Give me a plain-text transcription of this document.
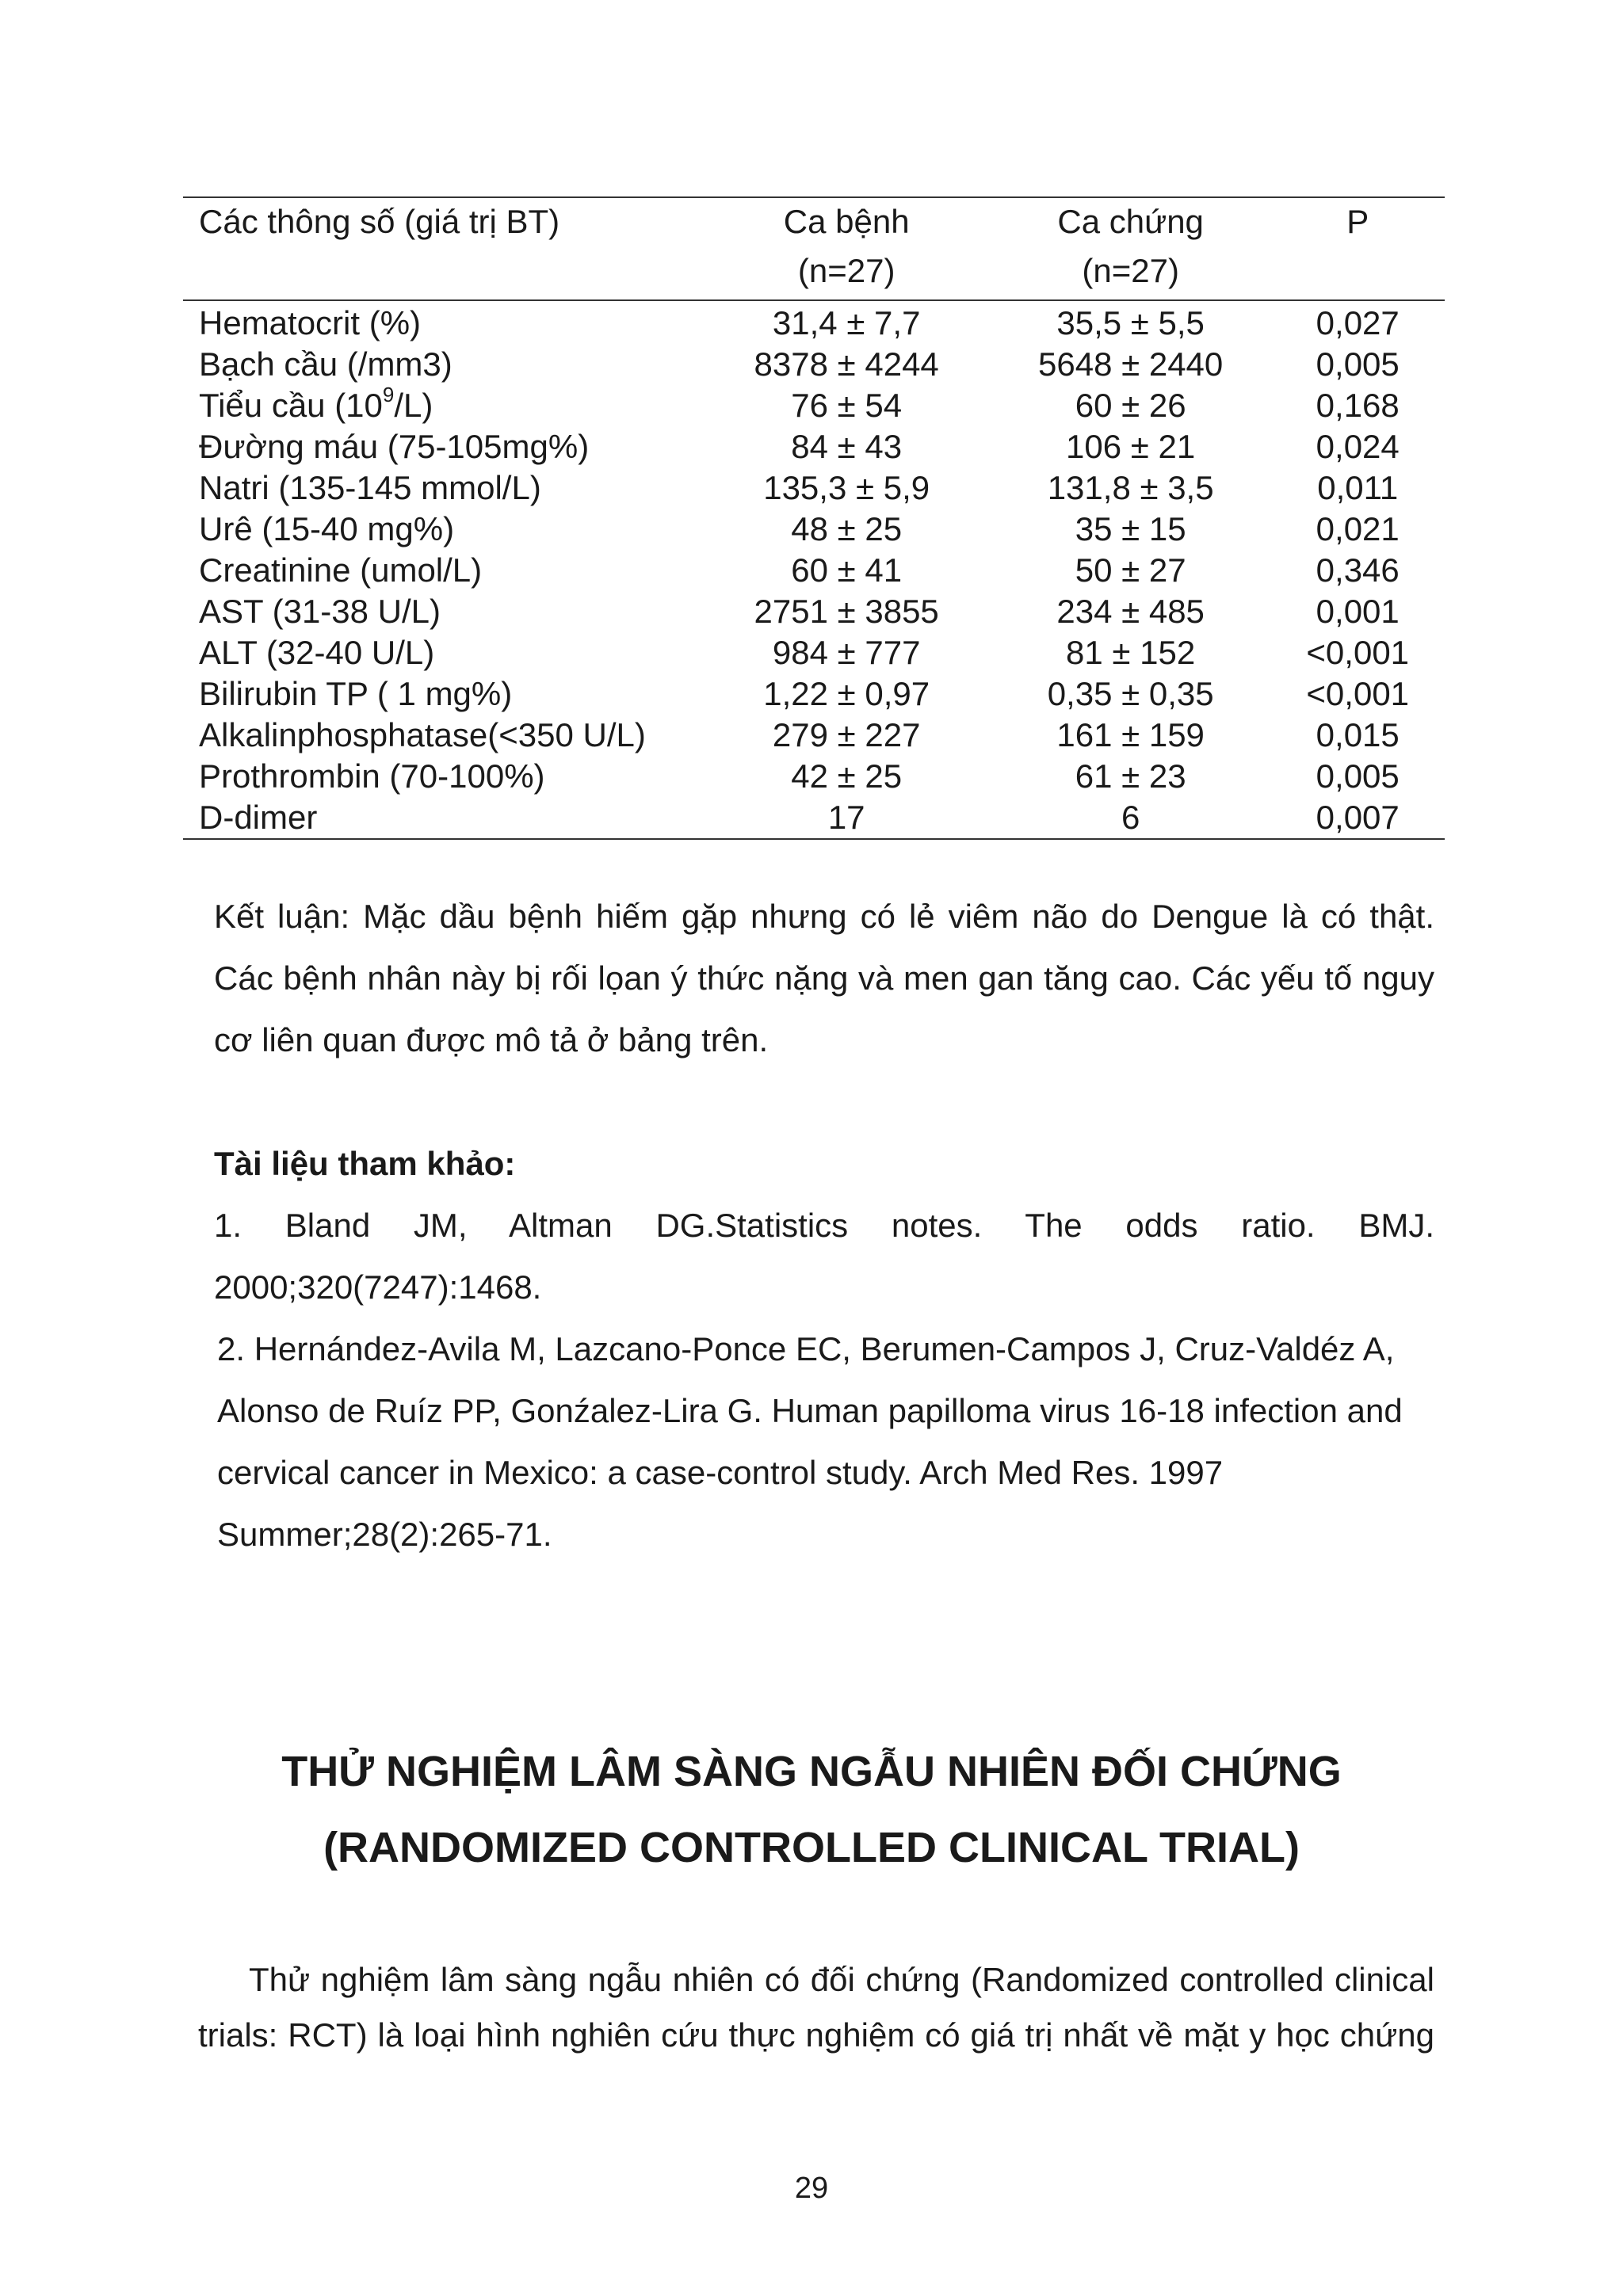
Các thông số (giá trị BT)	Ca bệnh	Ca chứng	P
	(n=27)	(n=27)	
Hematocrit (%)	31,4 ± 7,7	35,5 ± 5,5	0,027
Bạch cầu (/mm3)	8378 ± 4244	5648 ± 2440	0,005
Tiểu cầu $(10^9/L)$	76 ± 54	60 ± 26	0,168
Đường máu (75-105mg%)	84 ± 43	106 ± 21	0,024
Natri (135-145 mmol/L)	135,3 ± 5,9	131,8 ± 3,5	0,011
Urê (15-40 mg%)	48 ± 25	35 ± 15	0,021
Creatinine (umol/L)	60 ± 41	50 ± 27	0,346
AST (31-38 U/L)	2751 ± 3855	234 ± 485	0,001
ALT (32-40 U/L)	984 ± 777	81 ± 152	<0,001
Bilirubin TP ( 1 mg%)	1,22 ± 0,97	0,35 ± 0,35	<0,001
Alkalinphosphatase(<350 U/L)	279 ± 227	161 ± 159	0,015
Prothrombin (70-100%)	42 ± 25	61 ± 23	0,005
D-dimer	17	6	0,007

Kết luận: Mặc dầu bệnh hiếm gặp nhưng có lẻ viêm não do Dengue là có thật. Các bệnh nhân này bị rối lọan ý thức nặng và men gan tăng cao. Các yếu tố nguy cơ liên quan được mô tả ở bảng trên.

Tài liệu tham khảo:

1. Bland JM, Altman DG.Statistics notes. The odds ratio. BMJ. 2000;320(7247):1468.

2. Hernández-Avila M, Lazcano-Ponce EC, Berumen-Campos J, Cruz-Valdéz A, Alonso de Ruíz PP, Gonźalez-Lira G. Human papilloma virus 16-18 infection and cervical cancer in Mexico: a case-control study. Arch Med Res. 1997 Summer;28(2):265-71.

THỬ NGHIỆM LÂM SÀNG NGẪU NHIÊN ĐỐI CHỨNG
(RANDOMIZED CONTROLLED CLINICAL TRIAL)

Thử nghiệm lâm sàng ngẫu nhiên có đối chứng (Randomized controlled clinical trials: RCT) là loại hình nghiên cứu thực nghiệm có giá trị nhất về mặt y học chứng

29
